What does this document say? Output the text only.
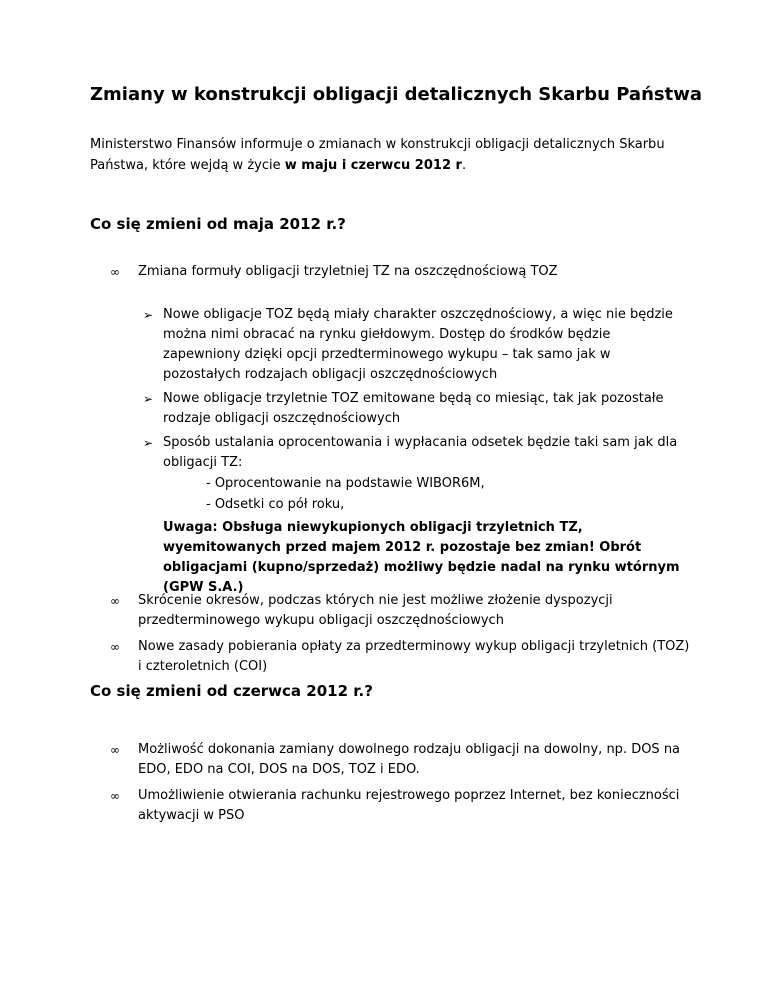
Zmiany w konstrukcji obligacji detalicznych Skarbu Państwa

Ministerstwo Finansów informuje o zmianach w konstrukcji obligacji detalicznych Skarbu Państwa, które wejdą w życie w maju i czerwcu 2012 r.

Co się zmieni od maja 2012 r.?
∞ Zmiana formuły obligacji trzyletniej TZ na oszczędnościową TOZ
➢ Nowe obligacje TOZ będą miały charakter oszczędnościowy, a więc nie będzie można nimi obracać na rynku giełdowym. Dostęp do środków będzie zapewniony dzięki opcji przedterminowego wykupu – tak samo jak w pozostałych rodzajach obligacji oszczędnościowych
➢ Nowe obligacje trzyletnie TOZ emitowane będą co miesiąc, tak jak pozostałe rodzaje obligacji oszczędnościowych
➢ Sposób ustalania oprocentowania i wypłacania odsetek będzie taki sam jak dla obligacji TZ:
- Oprocentowanie na podstawie WIBOR6M,
- Odsetki co pół roku,
Uwaga: Obsługa niewykupionych obligacji trzyletnich TZ, wyemitowanych przed majem 2012 r. pozostaje bez zmian! Obrót obligacjami (kupno/sprzedaż) możliwy będzie nadal na rynku wtórnym (GPW S.A.)
∞ Skrócenie okresów, podczas których nie jest możliwe złożenie dyspozycji przedterminowego wykupu obligacji oszczędnościowych
∞ Nowe zasady pobierania opłaty za przedterminowy wykup obligacji trzyletnich (TOZ) i czteroletnich (COI)
Co się zmieni od czerwca 2012 r.?
∞ Możliwość dokonania zamiany dowolnego rodzaju obligacji na dowolny, np. DOS na EDO, EDO na COI, DOS na DOS, TOZ i EDO.
∞ Umożliwienie otwierania rachunku rejestrowego poprzez Internet, bez konieczności aktywacji w PSO
